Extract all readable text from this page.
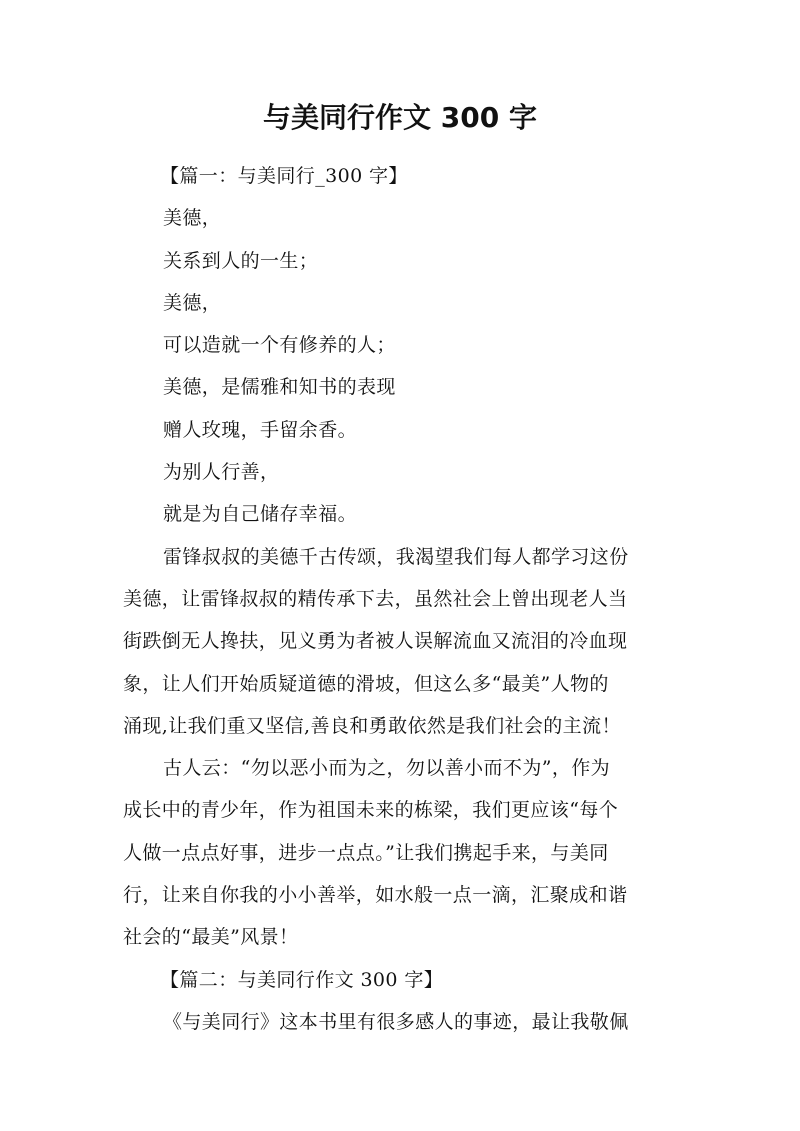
与美同行作文 300 字
【篇一：与美同行_300 字】
美德，
关系到人的一生；
美德，
可以造就一个有修养的人；
美德，是儒雅和知书的表现
赠人玫瑰，手留余香。
为别人行善，
就是为自己储存幸福。
雷锋叔叔的美德千古传颂，我渴望我们每人都学习这份
美德，让雷锋叔叔的精传承下去，虽然社会上曾出现老人当
街跌倒无人搀扶，见义勇为者被人误解流血又流泪的冷血现
象，让人们开始质疑道德的滑坡，但这么多“最美”人物的
涌现,让我们重又坚信,善良和勇敢依然是我们社会的主流！
古人云：“勿以恶小而为之，勿以善小而不为”，作为
成长中的青少年，作为祖国未来的栋梁，我们更应该“每个
人做一点点好事，进步一点点。”让我们携起手来，与美同
行，让来自你我的小小善举，如水般一点一滴，汇聚成和谐
社会的“最美”风景！
【篇二：与美同行作文 300 字】
《与美同行》这本书里有很多感人的事迹，最让我敬佩
